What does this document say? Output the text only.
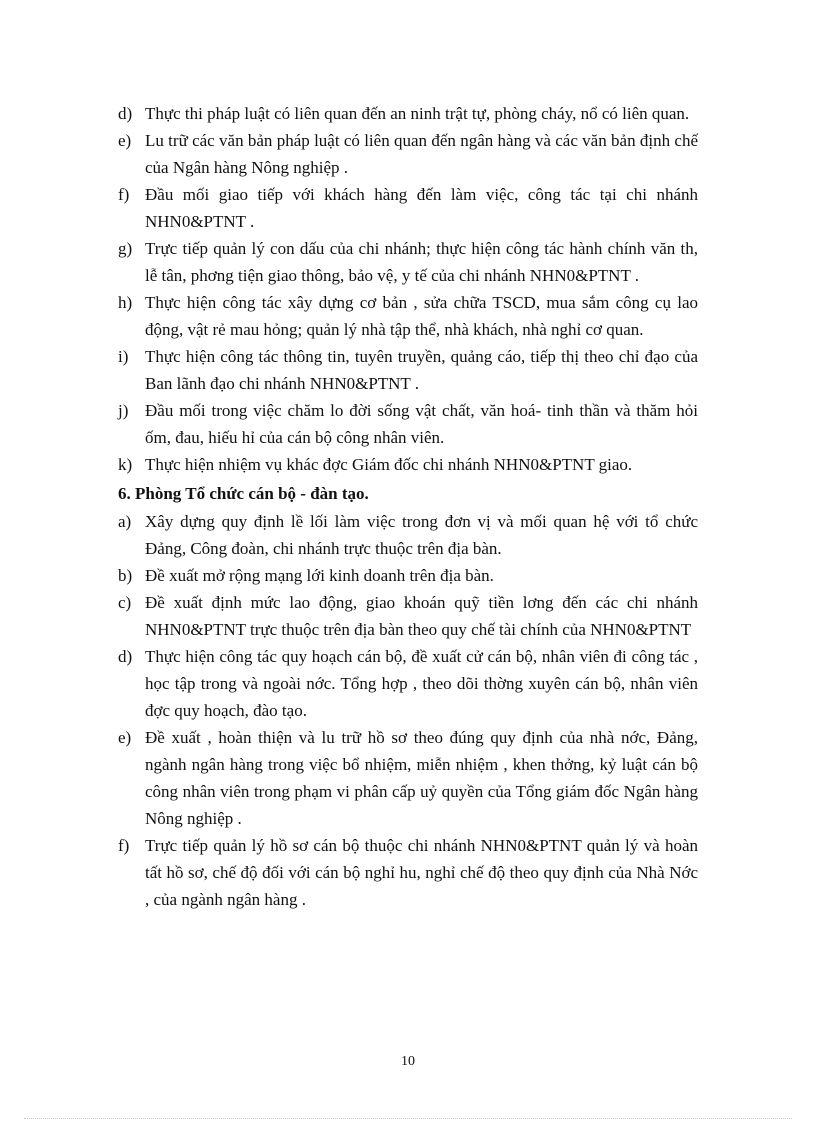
d) Thực thi pháp luật có liên quan đến an ninh trật tự, phòng cháy, nổ có liên quan.

e) Lu trữ các văn bản pháp luật có liên quan đến ngân hàng và các văn bản định chế của Ngân hàng Nông nghiệp .

f) Đầu mối giao tiếp với khách hàng đến làm việc, công tác tại chi nhánh NHN0&PTNT .

g) Trực tiếp quản lý con dấu của chi nhánh; thực hiện công tác hành chính văn th, lễ tân, phơng tiện giao thông, bảo vệ, y tế của chi nhánh NHN0&PTNT .

h) Thực hiện công tác xây dựng cơ bản , sửa chữa TSCD, mua sắm công cụ lao động, vật rẻ mau hỏng; quản lý nhà tập thể, nhà khách, nhà nghỉ cơ quan.

i) Thực hiện công tác thông tin, tuyên truyền, quảng cáo, tiếp thị theo chỉ đạo của Ban lãnh đạo chi nhánh NHN0&PTNT .

j) Đầu mối trong việc chăm lo đời sống vật chất, văn hoá- tinh thần và thăm hỏi ốm, đau, hiếu hỉ của cán bộ công nhân viên.

k) Thực hiện nhiệm vụ khác đợc Giám đốc chi nhánh NHN0&PTNT giao.

6. Phòng Tổ chức cán bộ - đàn tạo.

a) Xây dựng quy định lề lối làm việc trong đơn vị và mối quan hệ với tổ chức Đảng, Công đoàn, chi nhánh trực thuộc trên địa bàn.

b) Đề xuất mở rộng mạng lới kinh doanh trên địa bàn.

c) Đề xuất định mức lao động, giao khoán quỹ tiền lơng đến các chi nhánh NHN0&PTNT trực thuộc trên địa bàn theo quy chế tài chính của NHN0&PTNT

d) Thực hiện công tác quy hoạch cán bộ, đề xuất cử cán bộ, nhân viên đi công tác , học tập trong và ngoài nớc. Tổng hợp , theo dõi thờng xuyên cán bộ, nhân viên đợc quy hoạch, đào tạo.

e) Đề xuất , hoàn thiện và lu trữ hồ sơ theo đúng quy định của nhà nớc, Đảng, ngành ngân hàng trong việc bổ nhiệm, miễn nhiệm , khen thởng, kỷ luật cán bộ công nhân viên trong phạm vi phân cấp uỷ quyền của Tổng giám đốc Ngân hàng Nông nghiệp .

f) Trực tiếp quản lý hồ sơ cán bộ thuộc chi nhánh NHN0&PTNT quản lý và hoàn tất hồ sơ, chế độ đối với cán bộ nghỉ hu, nghỉ chế độ theo quy định của Nhà Nớc , của ngành ngân hàng .

10
